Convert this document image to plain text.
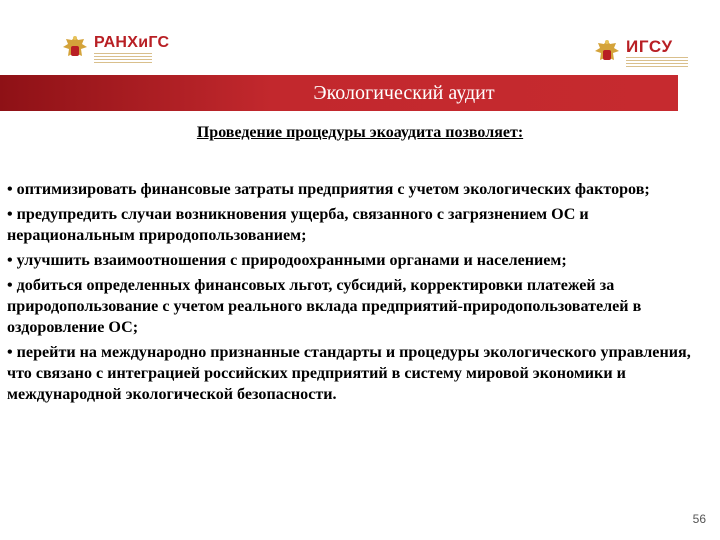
РАНХиГС	ИГСУ
Экологический аудит
Проведение процедуры экоаудита позволяет:

• оптимизировать финансовые затраты предприятия с учетом экологических факторов;

• предупредить случаи возникновения ущерба, связанного с загрязнением ОС и нерациональным природопользованием;

• улучшить взаимоотношения с природоохранными органами и населением;

• добиться определенных финансовых льгот, субсидий, корректировки платежей за природопользование с учетом реального вклада предприятий-природопользователей в оздоровление ОС;

• перейти на международно признанные стандарты и процедуры экологического управления, что связано с интеграцией российских предприятий в систему мировой экономики и международной экологической безопасности.

56
